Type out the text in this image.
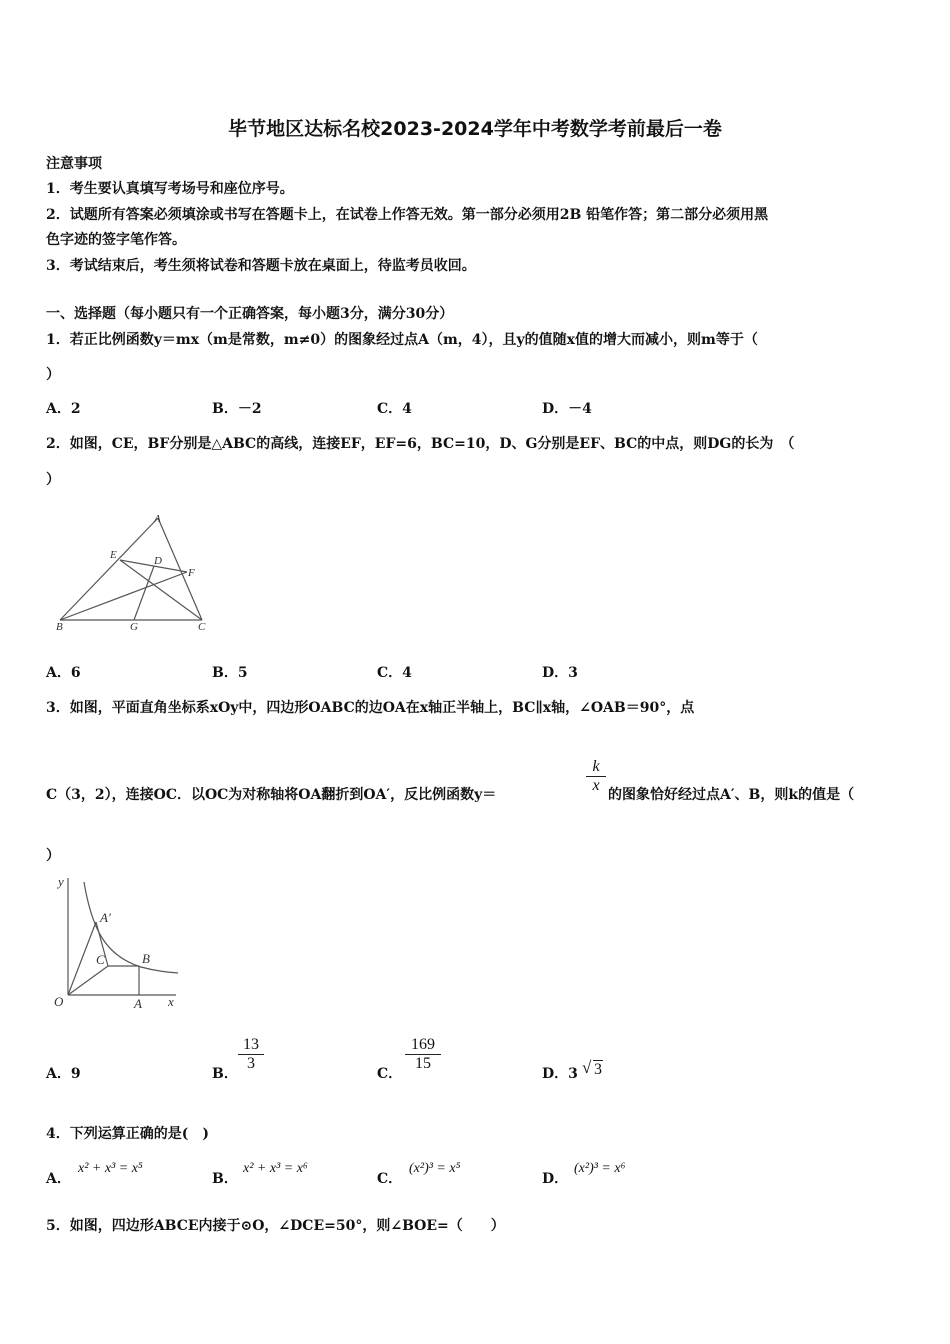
毕节地区达标名校2023-2024学年中考数学考前最后一卷
注意事项
1．考生要认真填写考场号和座位序号。
2．试题所有答案必须填涂或书写在答题卡上，在试卷上作答无效。第一部分必须用2B 铅笔作答；第二部分必须用黑
色字迹的签字笔作答。
3．考试结束后，考生须将试卷和答题卡放在桌面上，待监考员收回。
一、选择题（每小题只有一个正确答案，每小题3分，满分30分）
1．若正比例函数y＝mx（m是常数，m≠0）的图象经过点A（m，4），且y的值随x值的增大而减小，则m等于（
）
A．2	B．－2	C．4	D．－4
2．如图，CE，BF分别是△ABC的高线，连接EF，EF=6，BC=10，D、G分别是EF、BC的中点，则DG的长为　（
）
A
E	D
F
B	G	C
A．6	B．5	C．4	D．3
3．如图，平面直角坐标系xOy中，四边形OABC的边OA在x轴正半轴上，BC∥x轴，∠OAB＝90°，点
C（3，2），连接OC．以OC为对称轴将OA翻折到OA′，反比例函数y＝	$\frac{k}{x}$ 的图象恰好经过点A′、B，则k的值是（
）
y
A′
C	B
O	A x
A．9	B．
$\frac{13}{3}$
C．
$\frac{169}{15}$
D．3 √ 3
4．下列运算正确的是(　)
A．
x² + x³ = x⁵
B．
x² + x³ = x⁶
C．
(x²)³ = x⁵
D．
(x²)³ = x⁶
5．如图，四边形ABCE内接于⊙O，∠DCE=50°，则∠BOE=（　　）
